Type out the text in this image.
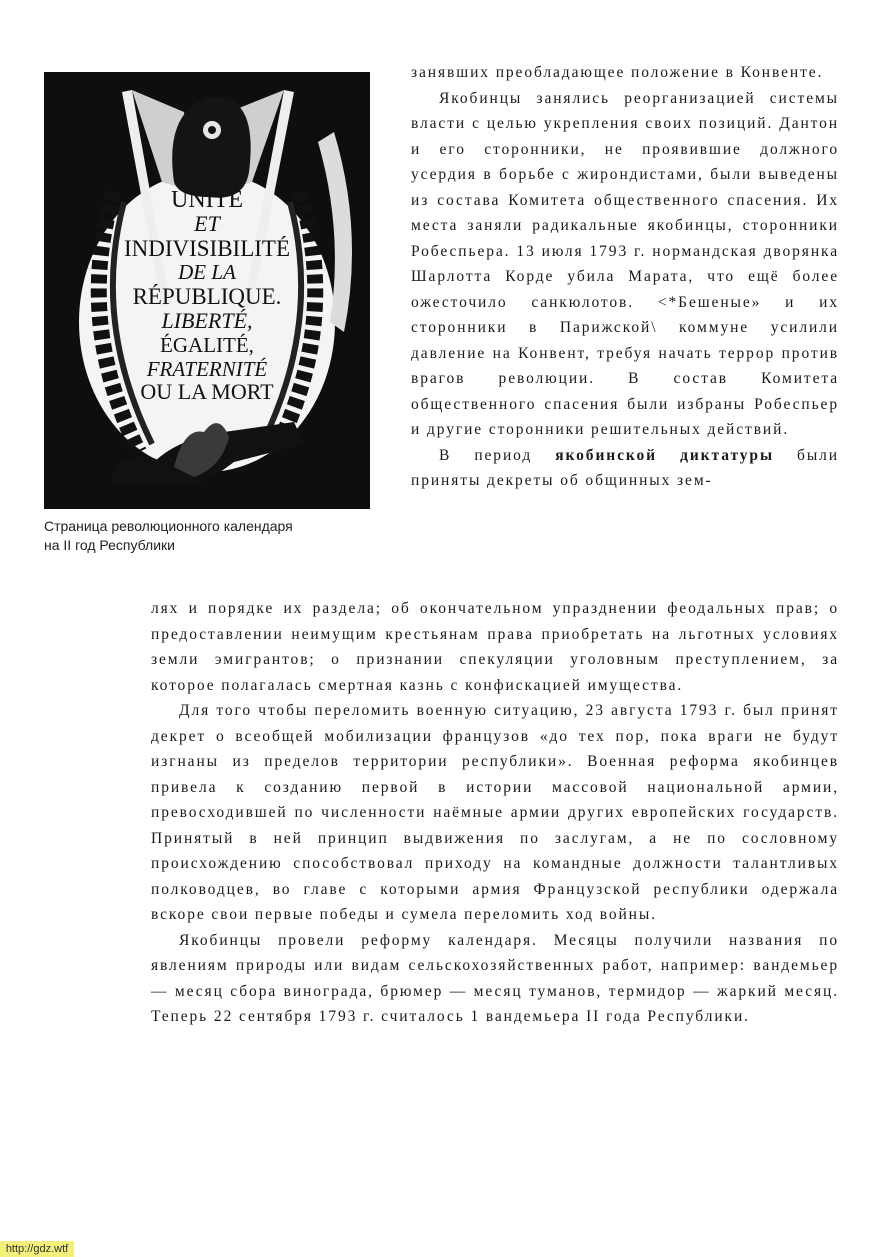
UNITÉ
ET
INDIVISIBILITÉ
DE LA
RÉPUBLIQUE.
LIBERTÉ,
ÉGALITÉ,
FRATERNITÉ
OU LA MORT
Страница революционного календаря
на II год Республики

занявших преобладающее положение в Конвенте.

Якобинцы занялись реорганизацией системы власти с целью укрепления своих позиций. Дантон и его сторонники, не проявившие должного усердия в борьбе с жирондистами, были выведены из состава Комитета общественного спасения. Их места заняли радикальные якобинцы, сторонники Робеспьера. 13 июля 1793 г. нормандская дворянка Шарлотта Корде убила Марата, что ещё более ожесточило санкюлотов. <*Бешеные» и их сторонники в Парижской\ коммуне усилили давление на Конвент, требуя начать террор против врагов революции. В состав Комитета общественного спасения были избраны Робеспьер и другие сторонники решительных действий.

В период якобинской диктатуры были приняты декреты об общинных зем-

лях и порядке их раздела; об окончательном упразднении феодальных прав; о предоставлении неимущим крестьянам права приобретать на льготных условиях земли эмигрантов; о признании спекуляции уголовным преступлением, за которое полагалась смертная казнь с конфискацией имущества.

Для того чтобы переломить военную ситуацию, 23 августа 1793 г. был принят декрет о всеобщей мобилизации французов «до тех пор, пока враги не будут изгнаны из пределов территории республики». Военная реформа якобинцев привела к созданию первой в истории массовой национальной армии, превосходившей по численности наёмные армии других европейских государств. Принятый в ней принцип выдвижения по заслугам, а не по сословному происхождению способствовал приходу на командные должности талантливых полководцев, во главе с которыми армия Французской республики одержала вскоре свои первые победы и сумела переломить ход войны.

Якобинцы провели реформу календаря. Месяцы получили названия по явлениям природы или видам сельскохозяйственных работ, например: вандемьер — месяц сбора винограда, брюмер — месяц туманов, термидор — жаркий месяц. Теперь 22 сентября 1793 г. считалось 1 вандемьера II года Республики.

http://gdz.wtf
